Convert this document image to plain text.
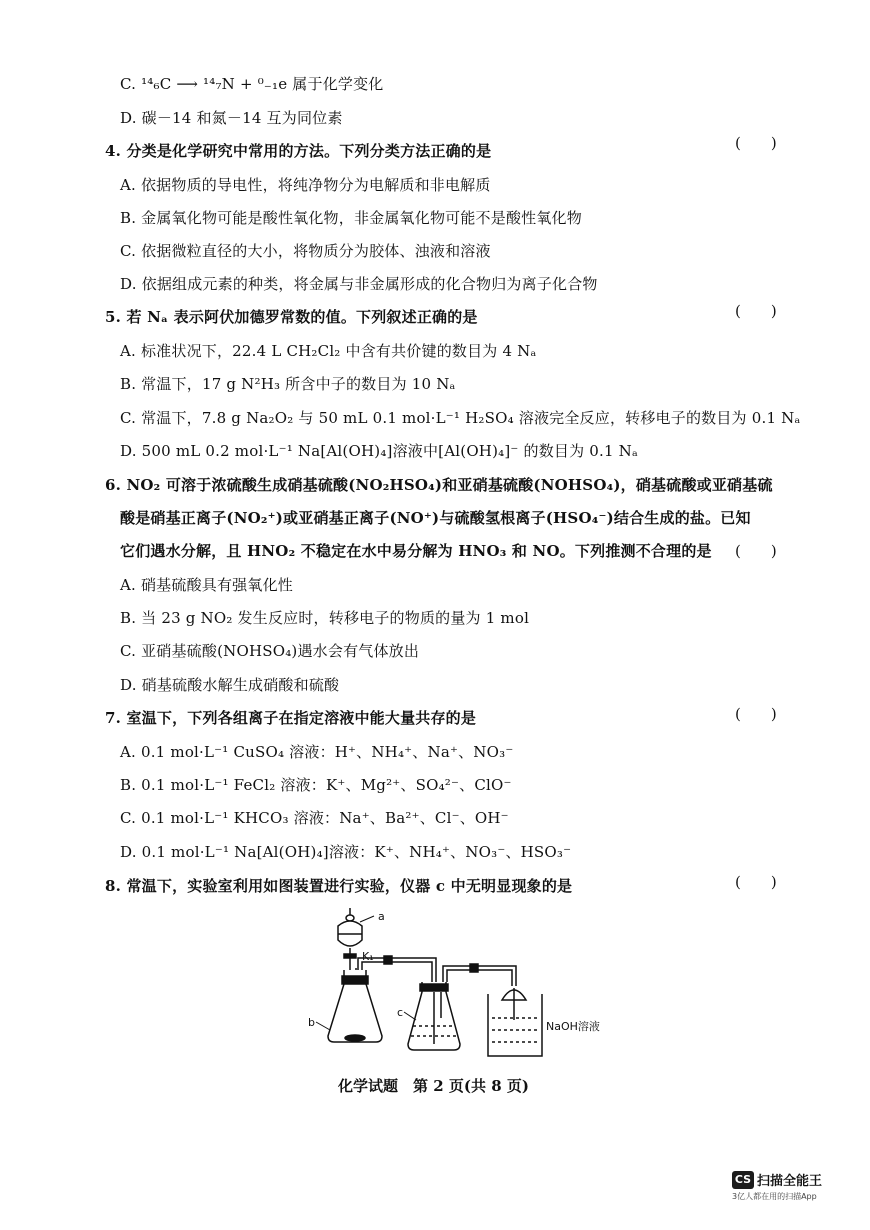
C. ¹⁴₆C ⟶ ¹⁴₇N + ⁰₋₁e 属于化学变化
D. 碳－14 和氮－14 互为同位素
4. 分类是化学研究中常用的方法。下列分类方法正确的是	(　　)
A. 依据物质的导电性，将纯净物分为电解质和非电解质
B. 金属氧化物可能是酸性氧化物，非金属氧化物可能不是酸性氧化物
C. 依据微粒直径的大小，将物质分为胶体、浊液和溶液
D. 依据组成元素的种类，将金属与非金属形成的化合物归为离子化合物
5. 若 Nₐ 表示阿伏加德罗常数的值。下列叙述正确的是	(　　)
A. 标准状况下，22.4 L CH₂Cl₂ 中含有共价键的数目为 4 Nₐ
B. 常温下，17 g N²H₃ 所含中子的数目为 10 Nₐ
C. 常温下，7.8 g Na₂O₂ 与 50 mL 0.1 mol·L⁻¹ H₂SO₄ 溶液完全反应，转移电子的数目为 0.1 Nₐ
D. 500 mL 0.2 mol·L⁻¹ Na[Al(OH)₄]溶液中[Al(OH)₄]⁻ 的数目为 0.1 Nₐ
6. NO₂ 可溶于浓硫酸生成硝基硫酸(NO₂HSO₄)和亚硝基硫酸(NOHSO₄)，硝基硫酸或亚硝基硫
酸是硝基正离子(NO₂⁺)或亚硝基正离子(NO⁺)与硫酸氢根离子(HSO₄⁻)结合生成的盐。已知
它们遇水分解，且 HNO₂ 不稳定在水中易分解为 HNO₃ 和 NO。下列推测不合理的是 (　　)
A. 硝基硫酸具有强氧化性
B. 当 23 g NO₂ 发生反应时，转移电子的物质的量为 1 mol
C. 亚硝基硫酸(NOHSO₄)遇水会有气体放出
D. 硝基硫酸水解生成硝酸和硫酸
7. 室温下，下列各组离子在指定溶液中能大量共存的是	(　　)
A. 0.1 mol·L⁻¹ CuSO₄ 溶液：H⁺、NH₄⁺、Na⁺、NO₃⁻
B. 0.1 mol·L⁻¹ FeCl₂ 溶液：K⁺、Mg²⁺、SO₄²⁻、ClO⁻
C. 0.1 mol·L⁻¹ KHCO₃ 溶液：Na⁺、Ba²⁺、Cl⁻、OH⁻
D. 0.1 mol·L⁻¹ Na[Al(OH)₄]溶液：K⁺、NH₄⁺、NO₃⁻、HSO₃⁻
8. 常温下，实验室利用如图装置进行实验，仪器 c 中无明显现象的是	(　　)
a
K₁
b
c
NaOH溶液
化学试题　第 2 页(共 8 页)
CS 扫描全能王
3亿人都在用的扫描App
